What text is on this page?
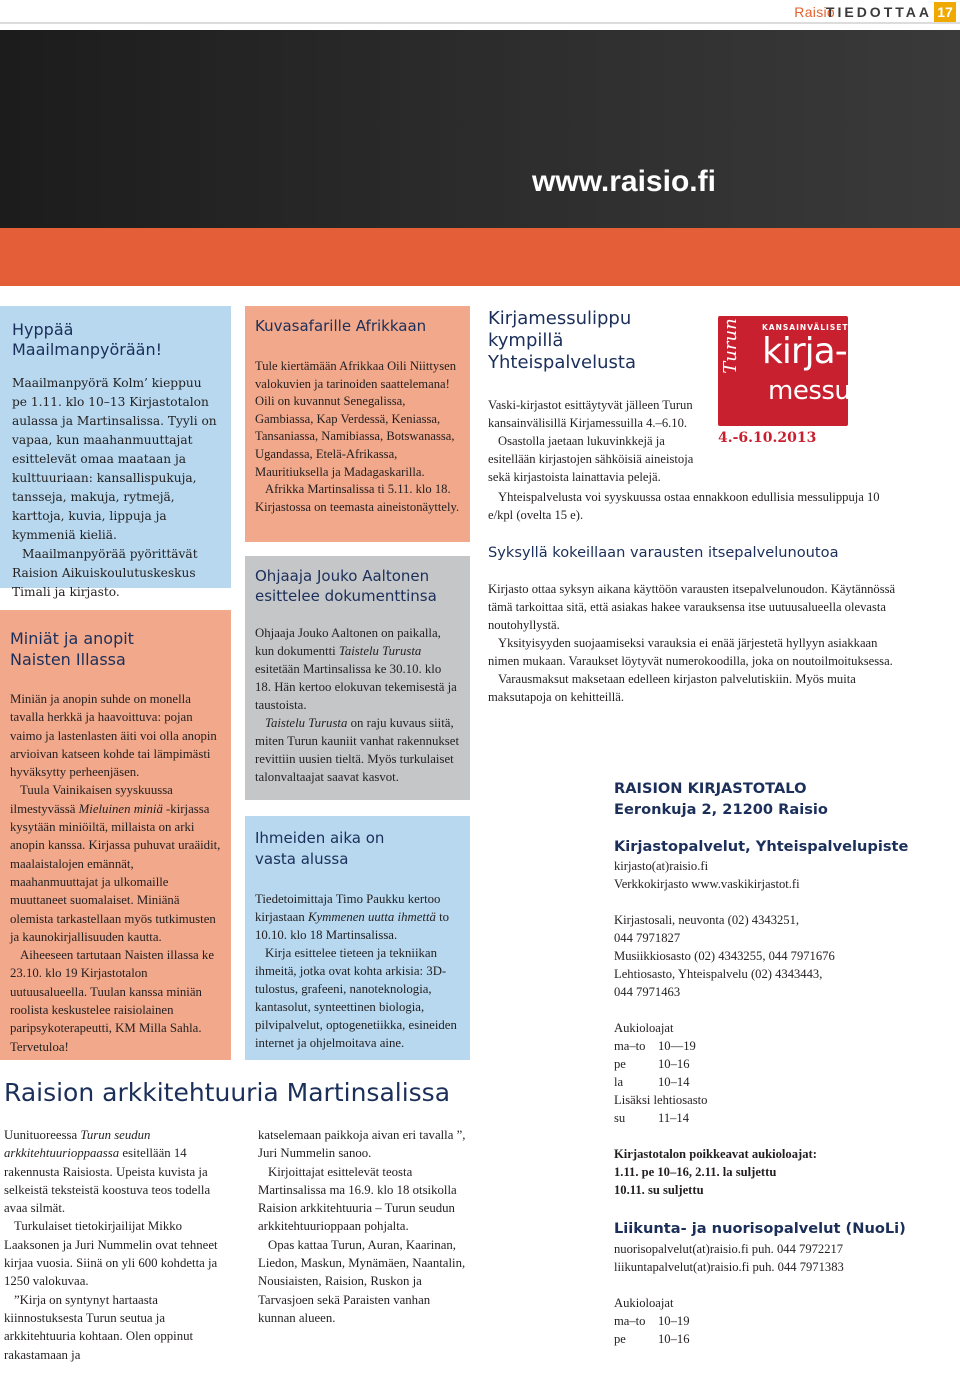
Raisio
TIEDOTTAA 17
www.raisio.fi
Hyppää Maailmanpyörään!

Maailmanpyörä Kolm’ kieppuu pe 1.11. klo 10–13 Kirjastotalon aulassa ja Martinsalissa. Tyyli on vapaa, kun maahanmuuttajat esittelevät omaa maataan ja kulttuuriaan: kansallispukuja, tansseja, makuja, rytmejä, karttoja, kuvia, lippuja ja kymmeniä kieliä.

Maailmanpyörää pyörittävät Raision Aikuiskoulutuskeskus Timali ja kirjasto.

Miniät ja anopit Naisten Illassa

Miniän ja anopin suhde on monella tavalla herkkä ja haavoittuva: pojan vaimo ja lastenlasten äiti voi olla anopin arvioivan katseen kohde tai lämpimästi hyväksytty perheenjäsen.

Tuula Vainikaisen syyskuussa ilmestyvässä Mieluinen miniä -kirjassa kysytään miniöiltä, millaista on arki anopin kanssa. Kirjassa puhuvat uraäidit, maalaistalojen emännät, maahanmuuttajat ja ulkomaille muuttaneet suomalaiset. Miniänä olemista tarkastellaan myös tutkimusten ja kaunokirjallisuuden kautta.

Aiheeseen tartutaan Naisten illassa ke 23.10. klo 19 Kirjastotalon uutuusalueella. Tuulan kanssa miniän roolista keskustelee raisiolainen paripsykoterapeutti, KM Milla Sahla. Tervetuloa!

Kuvasafarille Afrikkaan

Tule kiertämään Afrikkaa Oili Niittysen valokuvien ja tarinoiden saattelemana! Oili on kuvannut Senegalissa, Gambiassa, Kap Verdessä, Keniassa, Tansaniassa, Namibiassa, Botswanassa, Ugandassa, Etelä-Afrikassa, Mauritiuksella ja Madagaskarilla.

Afrikka Martinsalissa ti 5.11. klo 18. Kirjastossa on teemasta aineistonäyttely.

Ohjaaja Jouko Aaltonen esittelee dokumenttinsa

Ohjaaja Jouko Aaltonen on paikalla, kun dokumentti Taistelu Turusta esitetään Martinsalissa ke 30.10. klo 18. Hän kertoo elokuvan tekemisestä ja taustoista.

Taistelu Turusta on raju kuvaus siitä, miten Turun kauniit vanhat rakennukset revittiin uusien tieltä. Myös turkulaiset talonvaltaajat saavat kasvot.

Ihmeiden aika on vasta alussa

Tiedetoimittaja Timo Paukku kertoo kirjastaan Kymmenen uutta ihmettä to 10.10. klo 18 Martinsalissa.

Kirja esittelee tieteen ja tekniikan ihmeitä, jotka ovat kohta arkisia: 3D-tulostus, grafeeni, nanoteknologia, kantasolut, synteettinen biologia, pilvipalvelut, optogenetiikka, esineiden internet ja ohjelmoitava aine.

Kirjamessulippu kympillä Yhteispalvelusta

Vaski-kirjastot esittäytyvät jälleen Turun kansainvälisillä Kirjamessuilla 4.–6.10.

Osastolla jaetaan lukuvinkkejä ja esitellään kirjastojen sähköisiä aineistoja sekä kirjastoista lainattavia pelejä.

Yhteispalvelusta voi syyskuussa ostaa ennakkoon edullisia messulippuja 10 e/kpl (ovelta 15 e).

Turun	KANSAINVÄLISET
kirja-
messut
4.-6.10.2013
Syksyllä kokeillaan varausten itsepalvelunoutoa

Kirjasto ottaa syksyn aikana käyttöön varausten itsepalvelunoudon. Käytännössä tämä tarkoittaa sitä, että asiakas hakee varauksensa itse uutuusalueella olevasta noutohyllystä.

Yksityisyyden suojaamiseksi varauksia ei enää järjestetä hyllyyn asiakkaan nimen mukaan. Varaukset löytyvät numerokoodilla, joka on noutoilmoituksessa.

Varausmaksut maksetaan edelleen kirjaston palvelutiskiin. Myös muita maksutapoja on kehitteillä.

Raision arkkitehtuuria Martinsalissa

Uunituoreessa Turun seudun arkkitehtuurioppaassa esitellään 14 rakennusta Raisiosta. Upeista kuvista ja selkeistä teksteistä koostuva teos todella avaa silmät.

Turkulaiset tietokirjailijat Mikko Laaksonen ja Juri Nummelin ovat tehneet kirjaa vuosia. Siinä on yli 600 kohdetta ja 1250 valokuvaa.

”Kirja on syntynyt hartaasta kiinnostuksesta Turun seutua ja arkkitehtuuria kohtaan. Olen oppinut rakastamaan ja

katselemaan paikkoja aivan eri tavalla ”, Juri Nummelin sanoo.

Kirjoittajat esittelevät teosta Martinsalissa ma 16.9. klo 18 otsikolla Raision arkkitehtuuria – Turun seudun arkkitehtuurioppaan pohjalta.

Opas kattaa Turun, Auran, Kaarinan, Liedon, Maskun, Mynämäen, Naantalin, Nousiaisten, Raision, Ruskon ja Tarvasjoen sekä Paraisten vanhan kunnan alueen.

RAISION KIRJASTOTALO
Eeronkuja 2, 21200 Raisio
Kirjastopalvelut, Yhteispalvelupiste
kirjasto(at)raisio.fi
Verkkokirjasto www.vaskikirjastot.fi
Kirjastosali, neuvonta (02) 4343251,
044 7971827
Musiikkiosasto (02) 4343255, 044 7971676
Lehtiosasto, Yhteispalvelu (02) 4343443,
044 7971463
Aukioloajat
ma–to 10––19
pe	10–16
la	10–14
Lisäksi lehtiosasto
su	11–14
Kirjastotalon poikkeavat aukioloajat:
1.11. pe 10–16, 2.11. la suljettu
10.11. su suljettu
Liikunta- ja nuorisopalvelut (NuoLi)
nuorisopalvelut(at)raisio.fi puh. 044 7972217
liikuntapalvelut(at)raisio.fi puh. 044 7971383
Aukioloajat
ma–to 10–19
pe	10–16
